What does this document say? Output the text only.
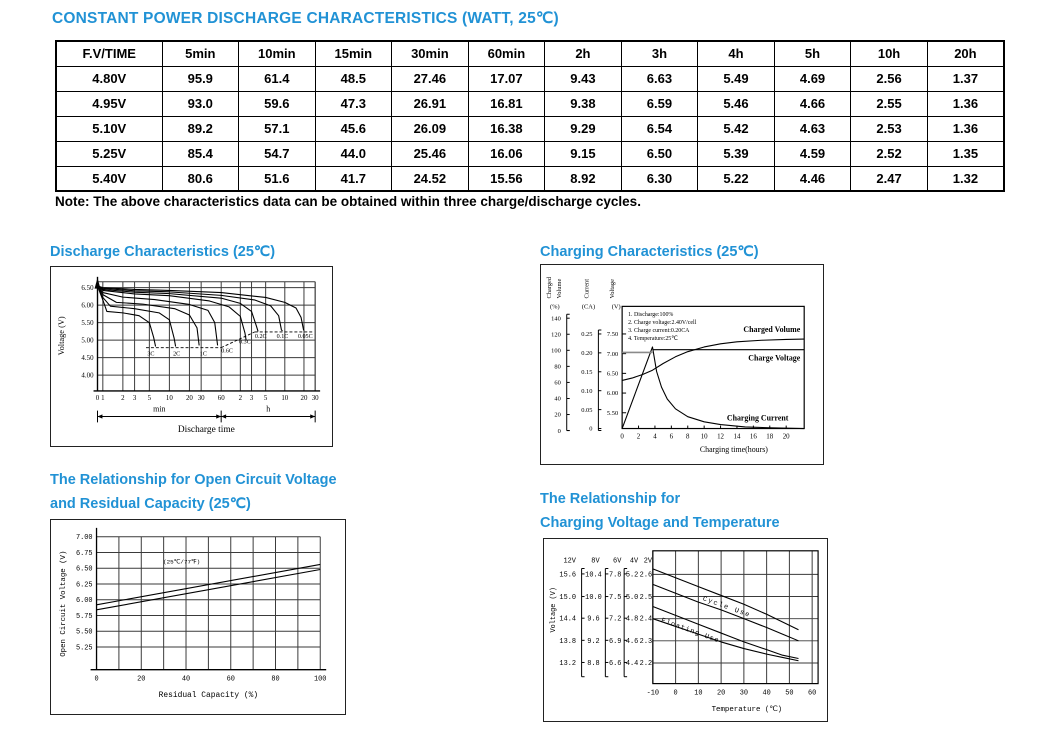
CONSTANT POWER DISCHARGE CHARACTERISTICS (WATT, 25℃)
F.V/TIME	5min	10min	15min	30min	60min	2h	3h	4h	5h	10h	20h
4.80V	95.9	61.4	48.5	27.46	17.07	9.43	6.63	5.49	4.69	2.56	1.37
4.95V	93.0	59.6	47.3	26.91	16.81	9.38	6.59	5.46	4.66	2.55	1.36
5.10V	89.2	57.1	45.6	26.09	16.38	9.29	6.54	5.42	4.63	2.53	1.36
5.25V	85.4	54.7	44.0	25.46	16.06	9.15	6.50	5.39	4.59	2.52	1.35
5.40V	80.6	51.6	41.7	24.52	15.56	8.92	6.30	5.22	4.46	2.47	1.32
Note: The above characteristics data can be obtained within three charge/discharge cycles.
Discharge Characteristics (25℃)
0 1 2 3 5 10 20 30 60 2 3 5 10 20 30
6.50
6.00
5.50
5.00
4.50
4.00
3C	2C	1C 0.6C
0.3C
0.2C 0.1C 0.05C
min	h
Discharge time
Voltage (V)
Charging Characteristics (25℃)
Charged Volume
(%)
140
120
100
80
60
40
20
0
Current
(CA)
0.25
0.20
0.15
0.10
0.05
0
Voltage
(V)
7.50
7.00
6.50
6.00
5.50
0 2 4 6 8 10 12 14 16 18 20
Charging time(hours)
1. Discharge:100%
2. Charge voltage:2.40V/cell
3. Charge current:0.20CA
4. Temperature:25℃
Charged Volume
Charge Voltage
Charging Current
The Relationship for Open Circuit Voltage
and Residual Capacity (25℃)
7.00
6.75
6.50
6.25
6.00
5.75
5.50
5.25
0	20	40	60	80	100
(25℃/77℉)
Open Circuit Voltage (V)
Residual Capacity (%)
The Relationship for
Charging Voltage and Temperature
12V 8V 6V 4V 2V
15.6 10.4 7.8 5.2 2.6
15.0 10.0 7.5 5.0 2.5
14.4 9.6 7.2 4.8 2.4
13.8 9.2 6.9 4.6 2.3
13.2 8.8 6.6 4.4 2.2
-10 0 10 20 30 40 50 60
Temperature (℃)
Voltage (V)	Cycle Use
Floating Use
